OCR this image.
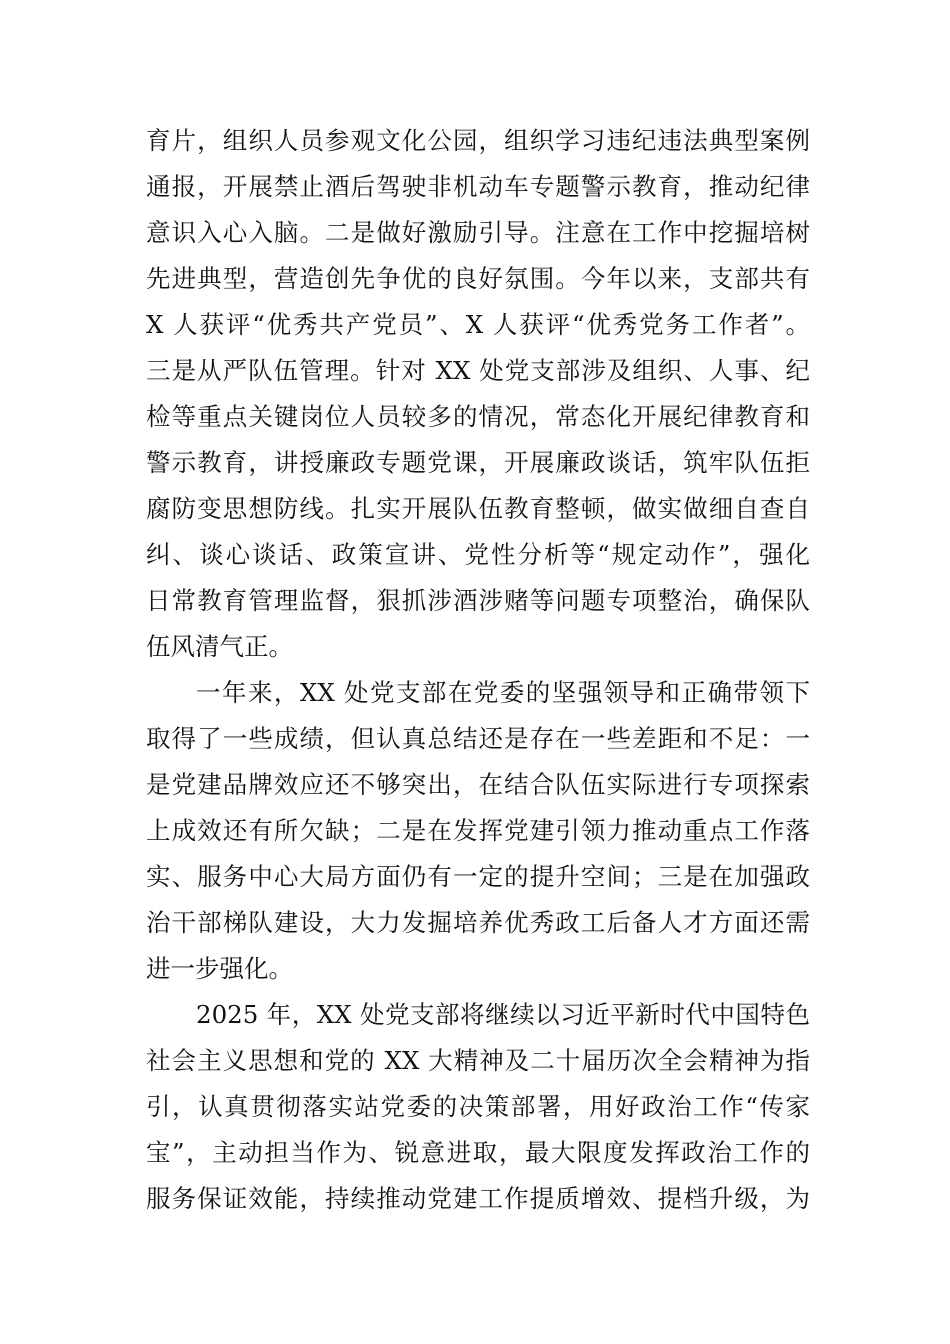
育片，组织人员参观文化公园，组织学习违纪违法典型案例
通报，开展禁止酒后驾驶非机动车专题警示教育，推动纪律
意识入心入脑。二是做好激励引导。注意在工作中挖掘培树
先进典型，营造创先争优的良好氛围。今年以来，支部共有
X 人获评“优秀共产党员”、X 人获评“优秀党务工作者”。
三是从严队伍管理。针对 XX 处党支部涉及组织、人事、纪
检等重点关键岗位人员较多的情况，常态化开展纪律教育和
警示教育，讲授廉政专题党课，开展廉政谈话，筑牢队伍拒
腐防变思想防线。扎实开展队伍教育整顿，做实做细自查自
纠、谈心谈话、政策宣讲、党性分析等“规定动作”，强化
日常教育管理监督，狠抓涉酒涉赌等问题专项整治，确保队
伍风清气正。
一年来，XX 处党支部在党委的坚强领导和正确带领下
取得了一些成绩，但认真总结还是存在一些差距和不足：一
是党建品牌效应还不够突出，在结合队伍实际进行专项探索
上成效还有所欠缺；二是在发挥党建引领力推动重点工作落
实、服务中心大局方面仍有一定的提升空间；三是在加强政
治干部梯队建设，大力发掘培养优秀政工后备人才方面还需
进一步强化。
2025 年，XX 处党支部将继续以习近平新时代中国特色
社会主义思想和党的 XX 大精神及二十届历次全会精神为指
引，认真贯彻落实站党委的决策部署，用好政治工作“传家
宝”，主动担当作为、锐意进取，最大限度发挥政治工作的
服务保证效能，持续推动党建工作提质增效、提档升级，为
